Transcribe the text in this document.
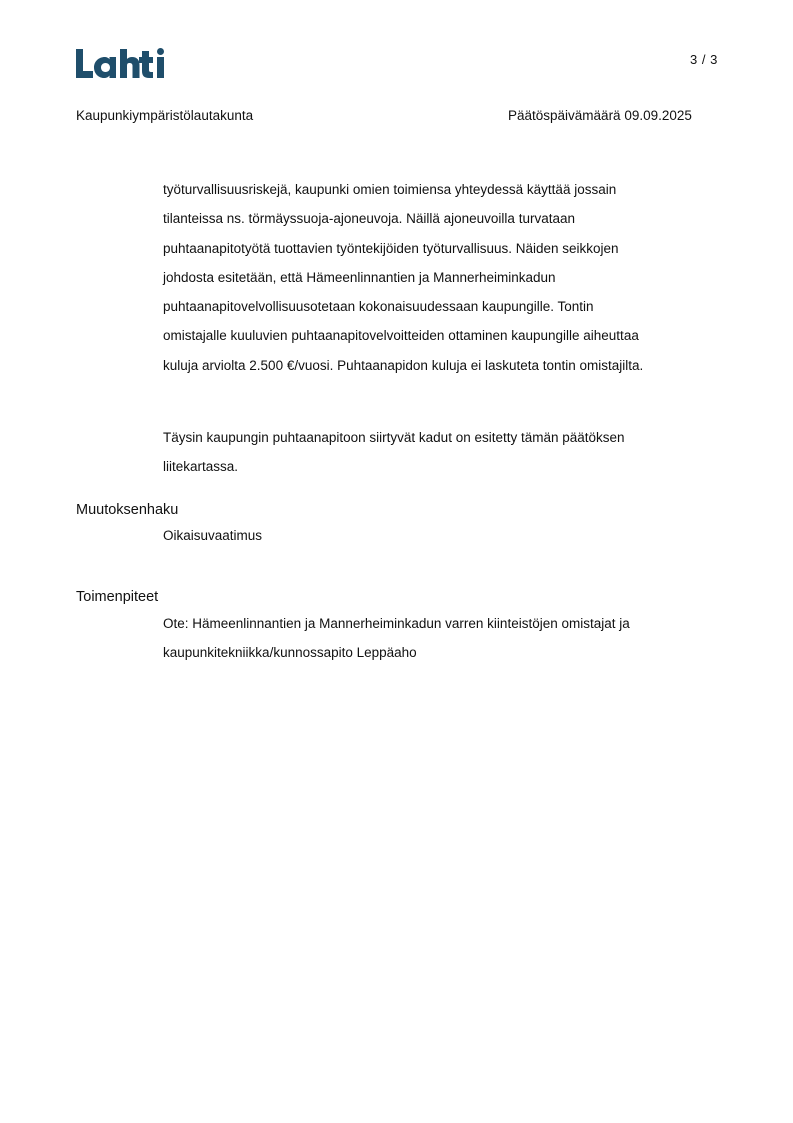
3 / 3
Kaupunkiympäristölautakunta	Päätöspäivämäärä 09.09.2025

työturvallisuusriskejä, kaupunki omien toimiensa yhteydessä käyttää jossain
tilanteissa ns. törmäyssuoja-ajoneuvoja. Näillä ajoneuvoilla turvataan
puhtaanapitotyötä tuottavien työntekijöiden työturvallisuus. Näiden seikkojen
johdosta esitetään, että Hämeenlinnantien ja Mannerheiminkadun
puhtaanapitovelvollisuusotetaan kokonaisuudessaan kaupungille. Tontin
omistajalle kuuluvien puhtaanapitovelvoitteiden ottaminen kaupungille aiheuttaa
kuluja arviolta 2.500 €/vuosi. Puhtaanapidon kuluja ei laskuteta tontin omistajilta.

Täysin kaupungin puhtaanapitoon siirtyvät kadut on esitetty tämän päätöksen
liitekartassa.

Muutoksenhaku
Oikaisuvaatimus
Toimenpiteet

Ote: Hämeenlinnantien ja Mannerheiminkadun varren kiinteistöjen omistajat ja
kaupunkitekniikka/kunnossapito Leppäaho
